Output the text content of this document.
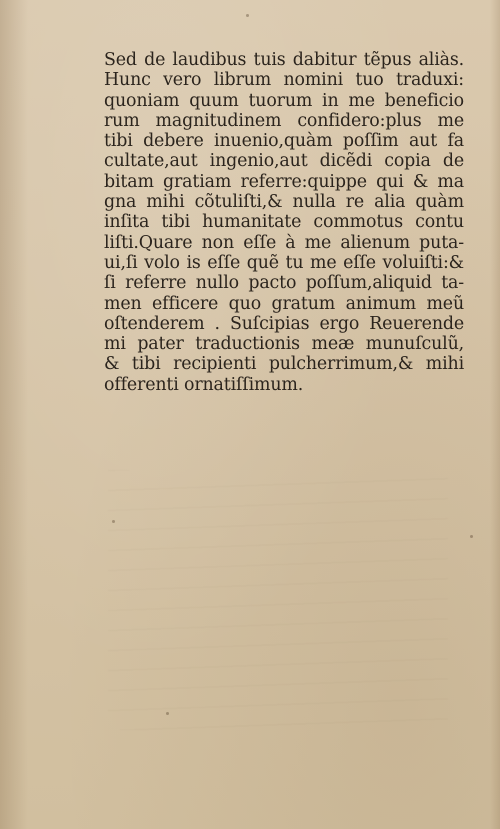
Sed de laudibus tuis dabitur tẽpus aliàs.
Hunc vero librum nomini tuo traduxi:
quoniam quum tuorum in me beneficio
rum magnitudinem confidero:plus me
tibi debere inuenio,quàm poſſim aut fa
cultate,aut ingenio,aut dicẽdi copia de
bitam gratiam referre:quippe qui & ma
gna mihi cõtuliſti,& nulla re alia quàm
inſita tibi humanitate commotus contu
liſti.Quare non eſſe à me alienum puta-
ui,ſi volo is eſſe quẽ tu me eſſe voluiſti:&
ſi referre nullo pacto poſſum,aliquid ta-
men efficere quo gratum animum meũ
oſtenderem . Suſcipias ergo Reuerende
mi pater traductionis meæ munuſculũ,
& tibi recipienti pulcherrimum,& mihi
offerenti ornatiſſimum.
